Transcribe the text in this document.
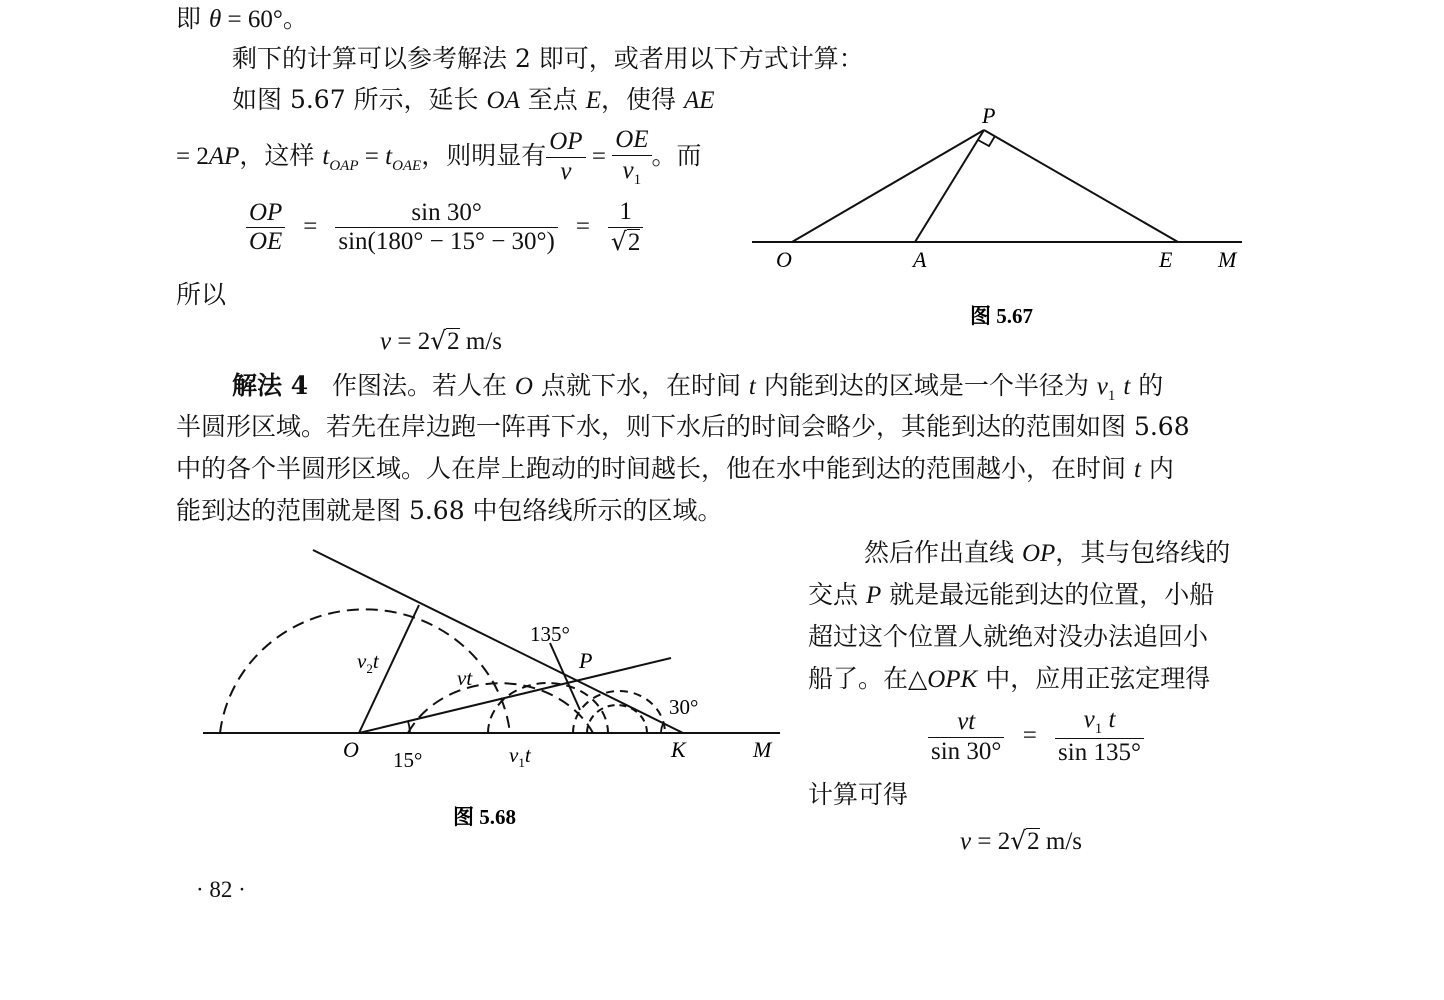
即 θ = 60°。
剩下的计算可以参考解法 2 即可，或者用以下方式计算：
如图 5.67 所示，延长 OA 至点 E，使得 AE
= 2AP，这样 $t_{OAP} = t_{OAE}$，则明显有 $\frac{OP}{v} = \frac{OE}{v_1}$ 。而
$\frac{OP}{OE} = \frac{\sin 30^\circ}{\sin(180^\circ - 15^\circ - 30^\circ)} = \frac{1}{√2}$
所以
v = 2√2 m/s
P
O	A	E M
图 5.67
解法 4 作图法。若人在 O 点就下水，在时间 t 内能到达的区域是一个半径为 $v_1$ t 的
半圆形区域。若先在岸边跑一阵再下水，则下水后的时间会略少，其能到达的范围如图 5.68
中的各个半圆形区域。人在岸上跑动的时间越长，他在水中能到达的范围越小，在时间 t 内
能到达的范围就是图 5.68 中包络线所示的区域。
O	K	M
P
15°
30°
135°
$v_2t$
vt
$v_1t$
图 5.68
然后作出直线 OP，其与包络线的
交点 P 就是最远能到达的位置，小船
超过这个位置人就绝对没办法追回小
船了。在△OPK 中，应用正弦定理得
$\frac{vt}{\sin 30^\circ} = \frac{v_1 t}{\sin 135^\circ}$
计算可得
v = 2√2 m/s
· 82 ·
